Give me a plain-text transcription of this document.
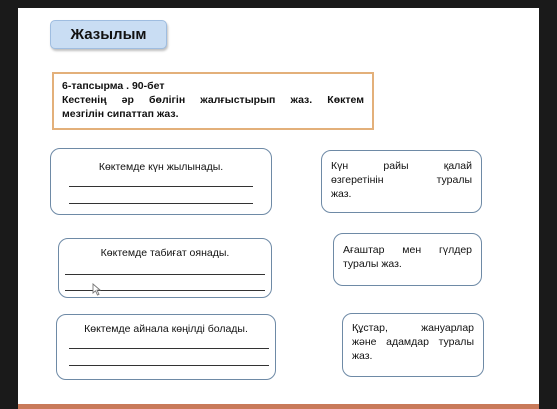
Жазылым
6-тапсырма . 90-бет
Кестенің әр бөлігін жалғыстырып жаз. Көктем
мезгілін сипаттап жаз.
Көктемде күн жылынады.
Көктемде табиғат оянады.
Көктемде айнала көңілді болады.
Күн райы қалай
өзгеретінін туралы
жаз.
Ағаштар мен гүлдер
туралы жаз.
Құстар, жануарлар
және адамдар туралы
жаз.
